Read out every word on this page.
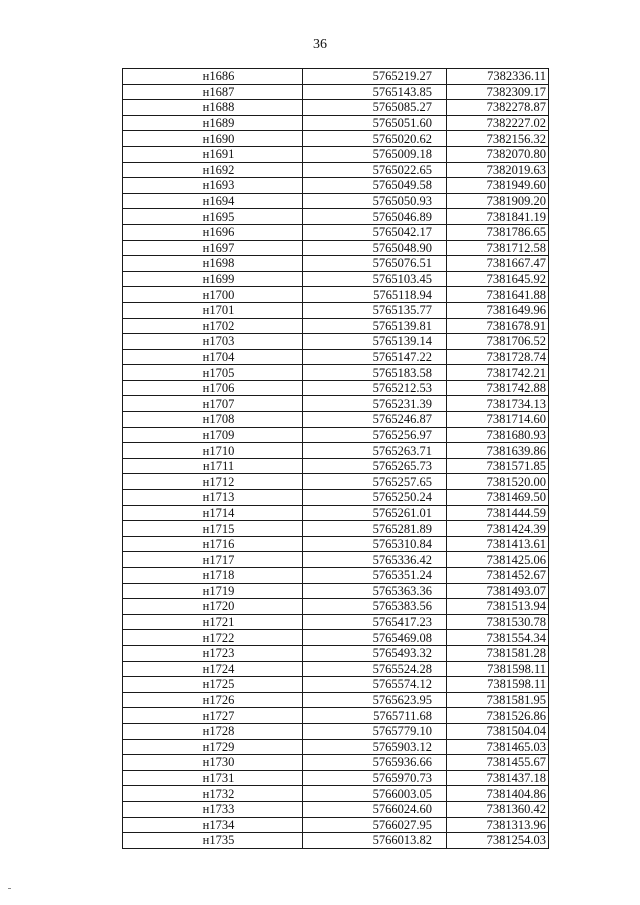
36
н1686	5765219.27	7382336.11
н1687	5765143.85	7382309.17
н1688	5765085.27	7382278.87
н1689	5765051.60	7382227.02
н1690	5765020.62	7382156.32
н1691	5765009.18	7382070.80
н1692	5765022.65	7382019.63
н1693	5765049.58	7381949.60
н1694	5765050.93	7381909.20
н1695	5765046.89	7381841.19
н1696	5765042.17	7381786.65
н1697	5765048.90	7381712.58
н1698	5765076.51	7381667.47
н1699	5765103.45	7381645.92
н1700	5765118.94	7381641.88
н1701	5765135.77	7381649.96
н1702	5765139.81	7381678.91
н1703	5765139.14	7381706.52
н1704	5765147.22	7381728.74
н1705	5765183.58	7381742.21
н1706	5765212.53	7381742.88
н1707	5765231.39	7381734.13
н1708	5765246.87	7381714.60
н1709	5765256.97	7381680.93
н1710	5765263.71	7381639.86
н1711	5765265.73	7381571.85
н1712	5765257.65	7381520.00
н1713	5765250.24	7381469.50
н1714	5765261.01	7381444.59
н1715	5765281.89	7381424.39
н1716	5765310.84	7381413.61
н1717	5765336.42	7381425.06
н1718	5765351.24	7381452.67
н1719	5765363.36	7381493.07
н1720	5765383.56	7381513.94
н1721	5765417.23	7381530.78
н1722	5765469.08	7381554.34
н1723	5765493.32	7381581.28
н1724	5765524.28	7381598.11
н1725	5765574.12	7381598.11
н1726	5765623.95	7381581.95
н1727	5765711.68	7381526.86
н1728	5765779.10	7381504.04
н1729	5765903.12	7381465.03
н1730	5765936.66	7381455.67
н1731	5765970.73	7381437.18
н1732	5766003.05	7381404.86
н1733	5766024.60	7381360.42
н1734	5766027.95	7381313.96
н1735	5766013.82	7381254.03
